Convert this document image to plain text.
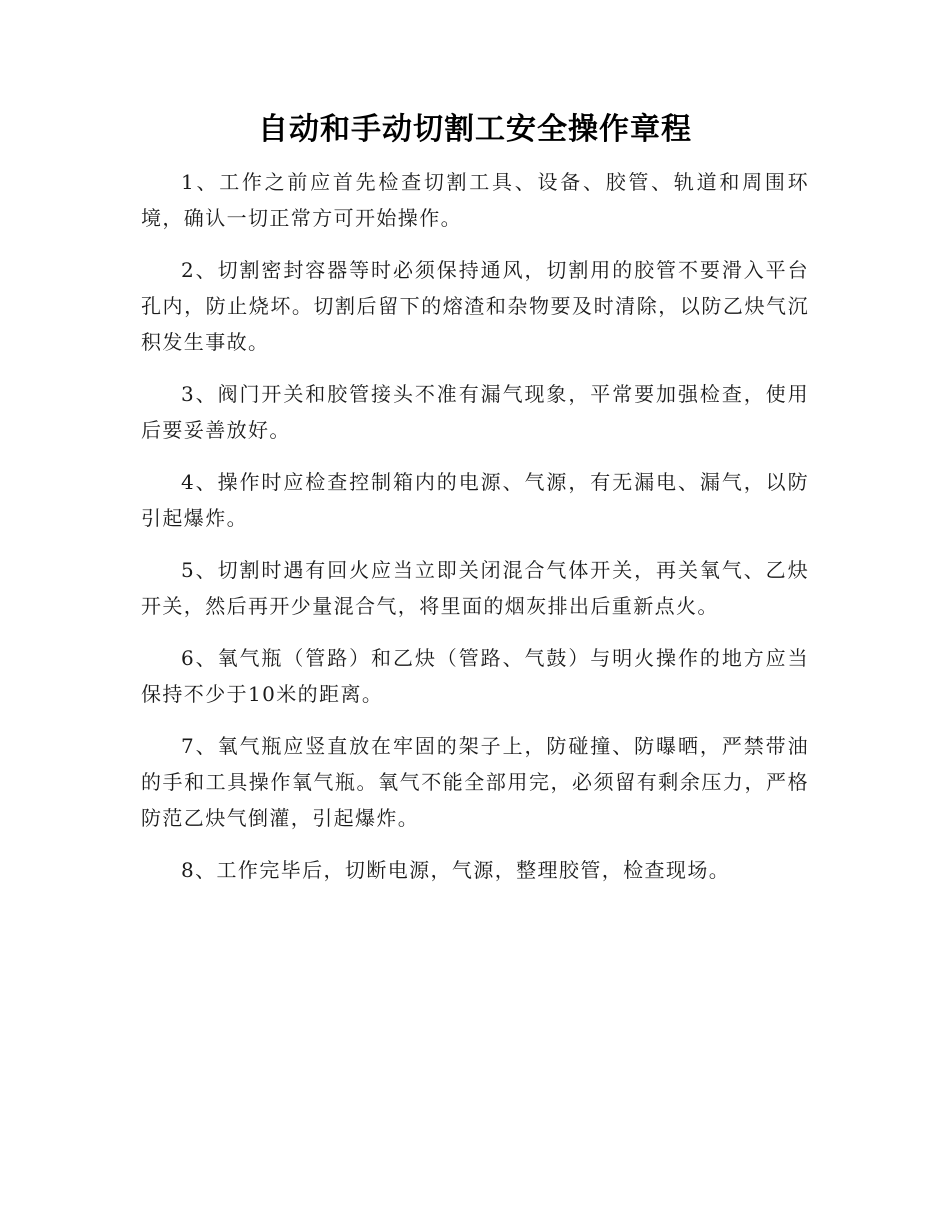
自动和手动切割工安全操作章程

1、工作之前应首先检查切割工具、设备、胶管、轨道和周围环境，确认一切正常方可开始操作。

2、切割密封容器等时必须保持通风，切割用的胶管不要滑入平台孔内，防止烧坏。切割后留下的熔渣和杂物要及时清除，以防乙炔气沉积发生事故。

3、阀门开关和胶管接头不准有漏气现象，平常要加强检查，使用后要妥善放好。

4、操作时应检查控制箱内的电源、气源，有无漏电、漏气，以防引起爆炸。

5、切割时遇有回火应当立即关闭混合气体开关，再关氧气、乙炔开关，然后再开少量混合气，将里面的烟灰排出后重新点火。

6、氧气瓶（管路）和乙炔（管路、气鼓）与明火操作的地方应当保持不少于10米的距离。

7、氧气瓶应竖直放在牢固的架子上，防碰撞、防曝晒，严禁带油的手和工具操作氧气瓶。氧气不能全部用完，必须留有剩余压力，严格防范乙炔气倒灌，引起爆炸。

8、工作完毕后，切断电源，气源，整理胶管，检查现场。
